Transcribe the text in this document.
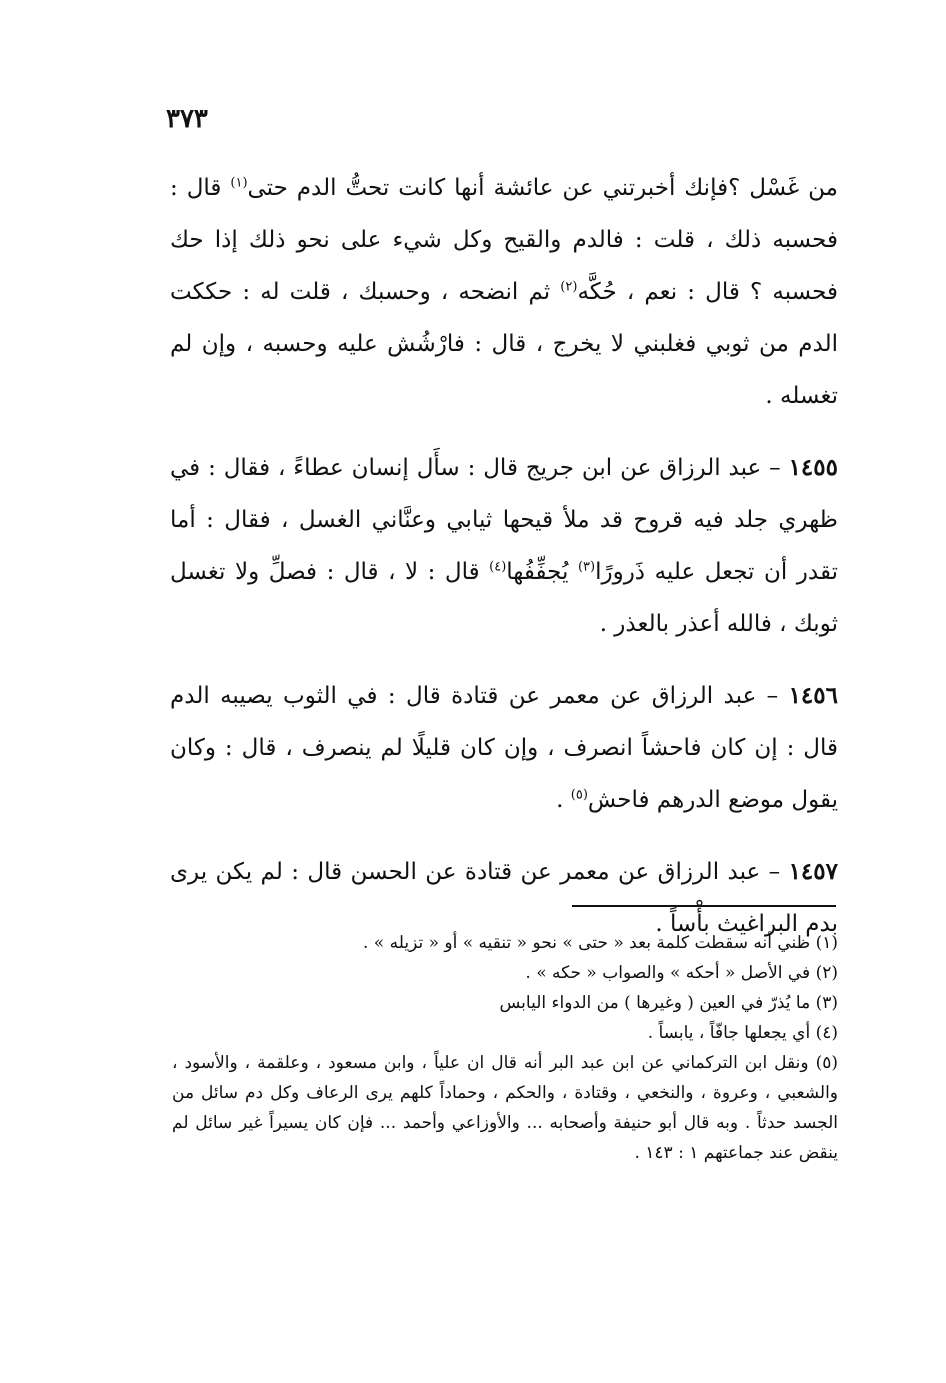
٣٧٣

من غَسْل ؟فإنك أخبرتني عن عائشة أنها كانت تحتُّ الدم حتى$^{(١)}$ قال : فحسبه ذلك ، قلت : فالدم والقيح وكل شيء على نحو ذلك إذا حك فحسبه ؟ قال : نعم ، حُكَّه$^{(٢)}$ ثم انضحه ، وحسبك ، قلت له : حككت الدم من ثوبي فغلبني لا يخرج ، قال : فارْشُش عليه وحسبه ، وإن لم تغسله .

١٤٥٥ – عبد الرزاق عن ابن جريج قال : سأَل إنسان عطاءً ، فقال : في ظهري جلد فيه قروح قد ملأ قيحها ثيابي وعنَّاني الغسل ، فقال : أما تقدر أن تجعل عليه ذَرورًا$^{(٣)}$ يُجفِّفُها$^{(٤)}$ قال : لا ، قال : فصلِّ ولا تغسل ثوبك ، فالله أعذر بالعذر .

١٤٥٦ – عبد الرزاق عن معمر عن قتادة قال : في الثوب يصيبه الدم قال : إن كان فاحشاً انصرف ، وإن كان قليلًا لم ينصرف ، قال : وكان يقول موضع الدرهم فاحش$^{(٥)}$ .

١٤٥٧ – عبد الرزاق عن معمر عن قتادة عن الحسن قال : لم يكن يرى بدم البراغيث بأْساً .

(١) ظني أنه سقطت كلمة بعد « حتى » نحو « تنقيه » أو « تزيله » .

(٢) في الأصل « أحكه » والصواب « حكه » .

(٣) ما يُذرّ في العين ( وغيرها ) من الدواء اليابس

(٤) أي يجعلها جافّاً ، يابساً .

(٥) ونقل ابن التركماني عن ابن عبد البر أنه قال ان علياً ، وابن مسعود ، وعلقمة ، والأسود ، والشعبي ، وعروة ، والنخعي ، وقتادة ، والحكم ، وحماداً كلهم يرى الرعاف وكل دم سائل من الجسد حدثاً . وبه قال أبو حنيفة وأصحابه ... والأوزاعي وأحمد ... فإن كان يسيراً غير سائل لم ينقض عند جماعتهم ١ : ١٤٣ .
